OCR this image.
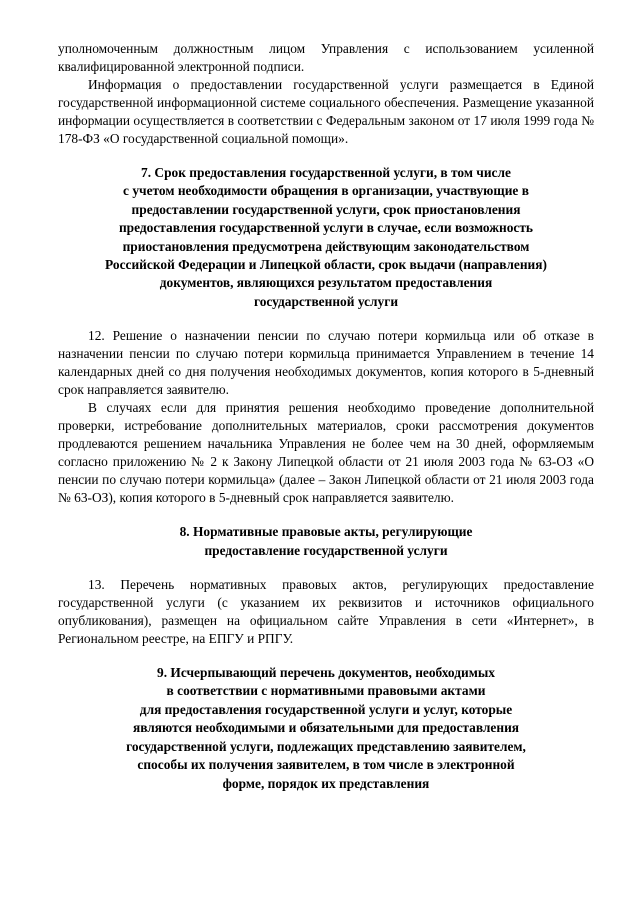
уполномоченным должностным лицом Управления с использованием усиленной квалифицированной электронной подписи.

Информация о предоставлении государственной услуги размещается в Единой государственной информационной системе социального обеспечения. Размещение указанной информации осуществляется в соответствии с Федеральным законом от 17 июля 1999 года № 178-ФЗ «О государственной социальной помощи».

7. Срок предоставления государственной услуги, в том числе
с учетом необходимости обращения в организации, участвующие в
предоставлении государственной услуги, срок приостановления
предоставления государственной услуги в случае, если возможность
приостановления предусмотрена действующим законодательством
Российской Федерации и Липецкой области, срок выдачи (направления)
документов, являющихся результатом предоставления
государственной услуги

12. Решение о назначении пенсии по случаю потери кормильца или об отказе в назначении пенсии по случаю потери кормильца принимается Управлением в течение 14 календарных дней со дня получения необходимых документов, копия которого в 5-дневный срок направляется заявителю.

В случаях если для принятия решения необходимо проведение дополнительной проверки, истребование дополнительных материалов, сроки рассмотрения документов продлеваются решением начальника Управления не более чем на 30 дней, оформляемым согласно приложению № 2 к Закону Липецкой области от 21 июля 2003 года № 63-ОЗ «О пенсии по случаю потери кормильца» (далее – Закон Липецкой области от 21 июля 2003 года № 63-ОЗ), копия которого в 5-дневный срок направляется заявителю.

8. Нормативные правовые акты, регулирующие
предоставление государственной услуги

13. Перечень нормативных правовых актов, регулирующих предоставление государственной услуги (с указанием их реквизитов и источников официального опубликования), размещен на официальном сайте Управления в сети «Интернет», в Региональном реестре, на ЕПГУ и РПГУ.

9. Исчерпывающий перечень документов, необходимых
в соответствии с нормативными правовыми актами
для предоставления государственной услуги и услуг, которые
являются необходимыми и обязательными для предоставления
государственной услуги, подлежащих представлению заявителем,
способы их получения заявителем, в том числе в электронной
форме, порядок их представления
